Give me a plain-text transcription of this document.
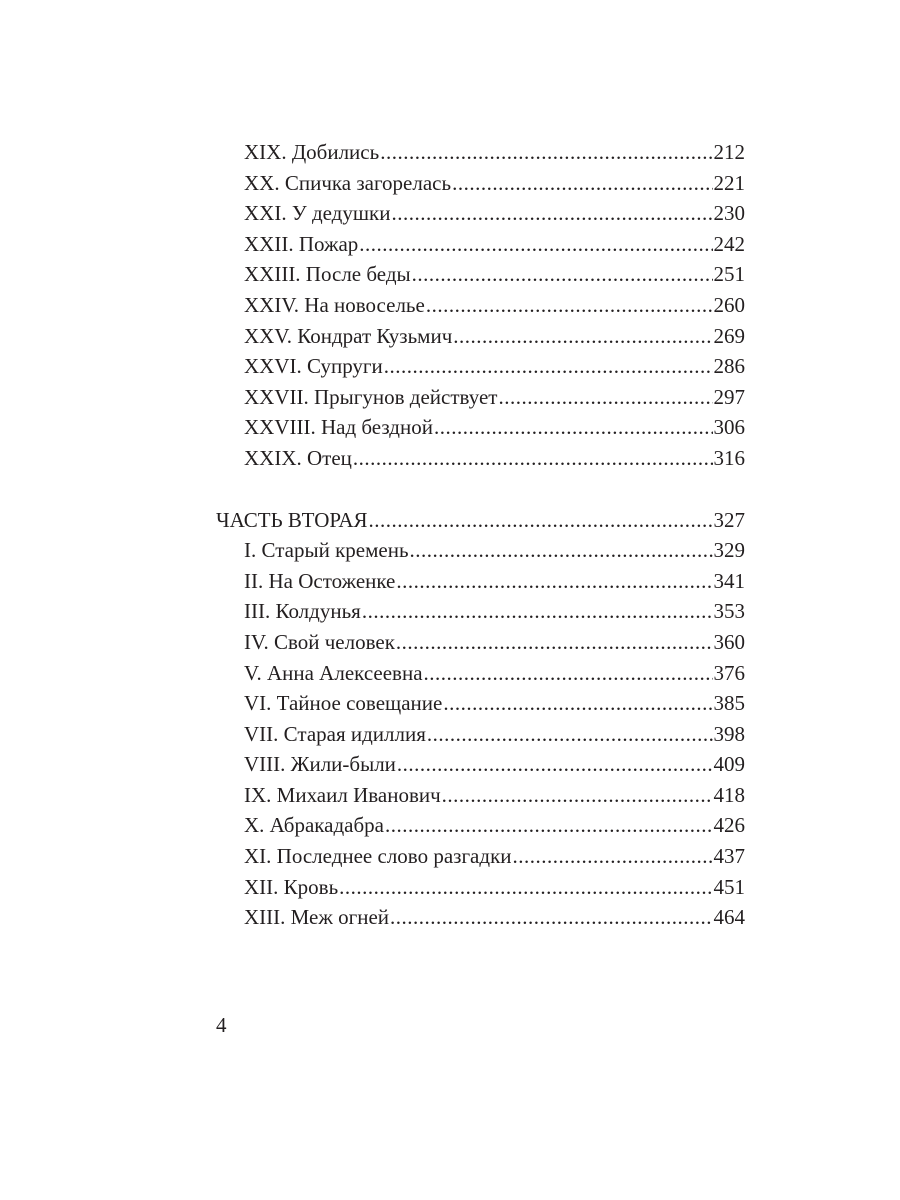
XIX. Добились .....	212
XX. Спичка загорелась .....	221
XXI. У дедушки .....	230
XXII. Пожар .....	242
XXIII. После беды .....	251
XXIV. На новоселье .....	260
XXV. Кондрат Кузьмич .....	269
XXVI. Супруги .....	286
XXVII. Прыгунов действует .....	297
XXVIII. Над бездной .....	306
XXIX. Отец .....	316
ЧАСТЬ ВТОРАЯ .....	327
I. Старый кремень .....	329
II. На Остоженке .....	341
III. Колдунья .....	353
IV. Свой человек .....	360
V. Анна Алексеевна .....	376
VI. Тайное совещание .....	385
VII. Старая идиллия .....	398
VIII. Жили-были .....	409
IX. Михаил Иванович .....	418
X. Абракадабра .....	426
XI. Последнее слово разгадки .....	437
XII. Кровь .....	451
XIII. Меж огней .....	464
4
